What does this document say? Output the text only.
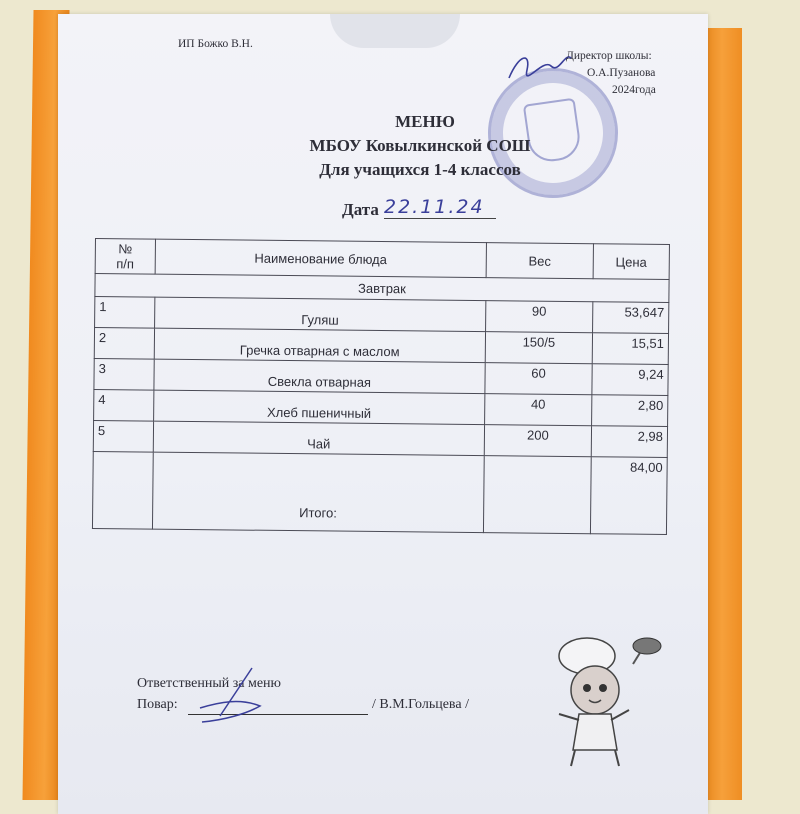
ИП Божко В.Н.
Директор школы:
О.А.Пузанова
2024года
МЕНЮ
МБОУ Ковылкинской СОШ
Для учащихся 1-4 классов
Дата 22.11.24
№
п/п	Наименование блюда	Вес	Цена
Завтрак			
1	Гуляш	90	53,647
2	Гречка отварная с маслом	150/5	15,51
3	Свекла отварная	60	9,24
4	Хлеб пшеничный	40	2,80
5	Чай	200	2,98
	Итого:		84,00
Ответственный за меню
Повар:	/ В.М.Гольцева /
